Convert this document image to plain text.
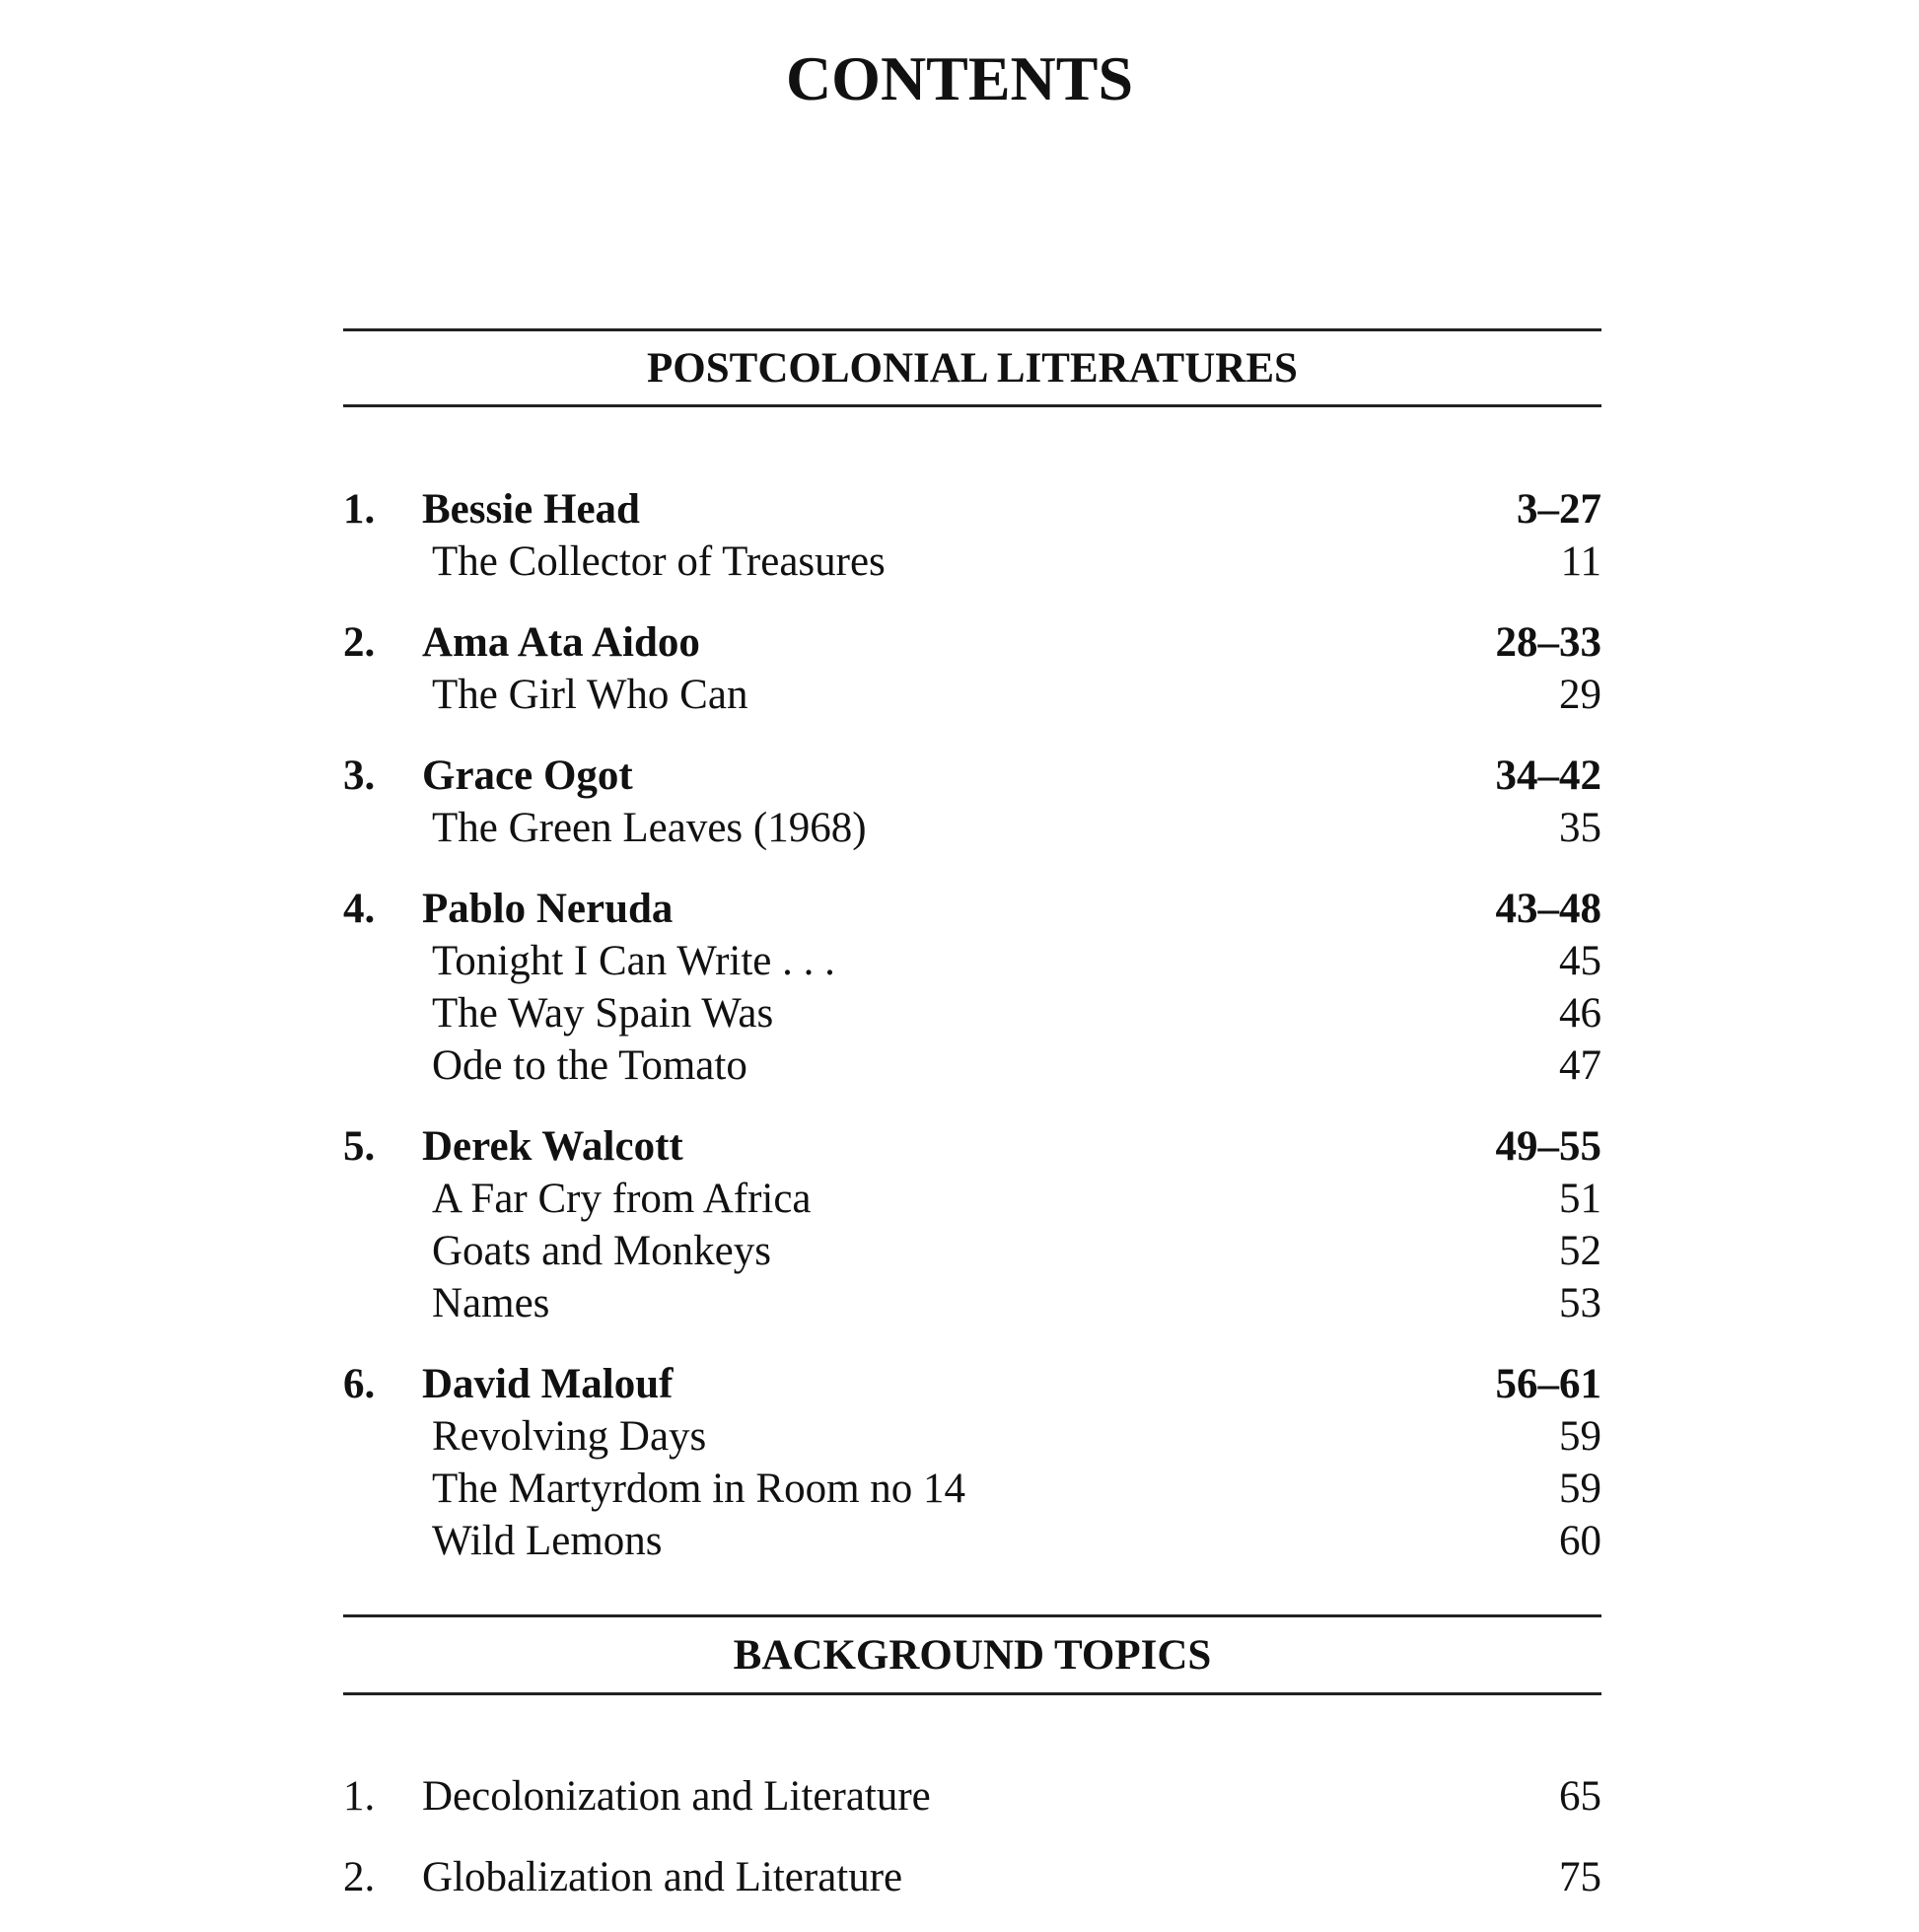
CONTENTS
POSTCOLONIAL LITERATURES
1.	Bessie Head	3–27
The Collector of Treasures	11
2.	Ama Ata Aidoo	28–33
The Girl Who Can	29
3.	Grace Ogot	34–42
The Green Leaves (1968)	35
4.	Pablo Neruda	43–48
Tonight I Can Write . . .	45
The Way Spain Was	46
Ode to the Tomato	47
5.	Derek Walcott	49–55
A Far Cry from Africa	51
Goats and Monkeys	52
Names	53
6.	David Malouf	56–61
Revolving Days	59
The Martyrdom in Room no 14	59
Wild Lemons	60
BACKGROUND TOPICS
1.	Decolonization and Literature	65
2.	Globalization and Literature	75
